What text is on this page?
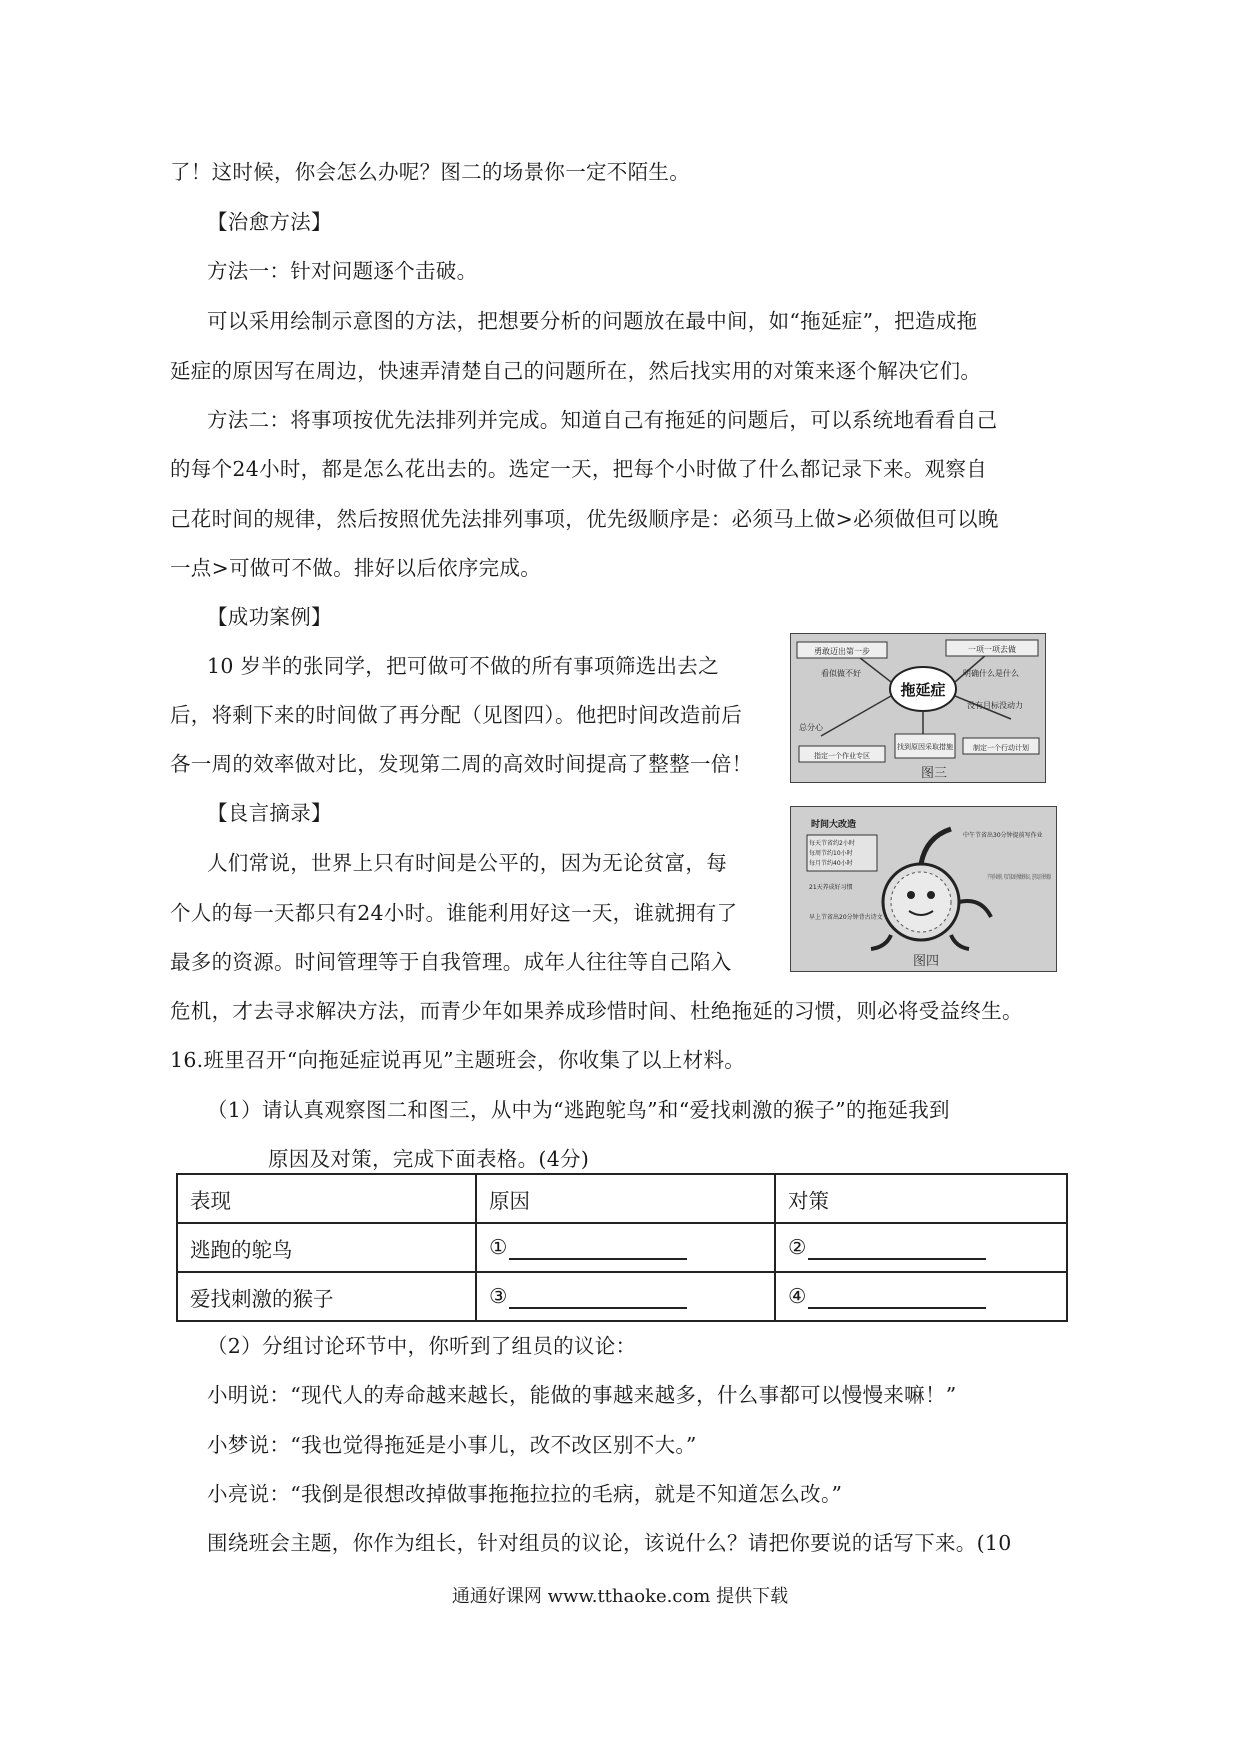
了！这时候，你会怎么办呢？图二的场景你一定不陌生。
【治愈方法】
方法一：针对问题逐个击破。
可以采用绘制示意图的方法，把想要分析的问题放在最中间，如“拖延症”，把造成拖
延症的原因写在周边，快速弄清楚自己的问题所在，然后找实用的对策来逐个解决它们。
方法二：将事项按优先法排列并完成。知道自己有拖延的问题后，可以系统地看看自己
的每个24小时，都是怎么花出去的。选定一天，把每个小时做了什么都记录下来。观察自
己花时间的规律，然后按照优先法排列事项，优先级顺序是：必须马上做>必须做但可以晚
一点>可做可不做。排好以后依序完成。
【成功案例】
10 岁半的张同学，把可做可不做的所有事项筛选出去之
后，将剩下来的时间做了再分配（见图四）。他把时间改造前后
各一周的效率做对比，发现第二周的高效时间提高了整整一倍！
【良言摘录】
人们常说，世界上只有时间是公平的，因为无论贫富，每
个人的每一天都只有24小时。谁能利用好这一天，谁就拥有了
最多的资源。时间管理等于自我管理。成年人往往等自己陷入
危机，才去寻求解决方法，而青少年如果养成珍惜时间、杜绝拖延的习惯，则必将受益终生。
16.班里召开“向拖延症说再见”主题班会，你收集了以上材料。
（1）请认真观察图二和图三，从中为“逃跑鸵鸟”和“爱找刺激的猴子”的拖延我到
原因及对策，完成下面表格。(4分)
拖延症
勇敢迈出第一步	一项一项去做
看似做不好	明确什么是什么
没有目标没动力
总分心
找到原因采取措施	制定一个行动计划
指定一个作业专区
图三
时间大改造
每天节省约2小时
每周节约10小时
每月节约40小时
21天养成好习惯
早上节省出20分钟背古诗文
中午节省出30分钟提前写作业
下午写作业时间，可以节省20分钟做课外练习，还可以用于课外阅读
图四
表现	原因	对策
逃跑的鸵鸟	①	②
爱找刺激的猴子	③	④
（2）分组讨论环节中，你听到了组员的议论：
小明说：“现代人的寿命越来越长，能做的事越来越多，什么事都可以慢慢来嘛！”
小梦说：“我也觉得拖延是小事儿，改不改区别不大。”
小亮说：“我倒是很想改掉做事拖拖拉拉的毛病，就是不知道怎么改。”
围绕班会主题，你作为组长，针对组员的议论，该说什么？请把你要说的话写下来。(10
通通好课网 www.tthaoke.com 提供下载
